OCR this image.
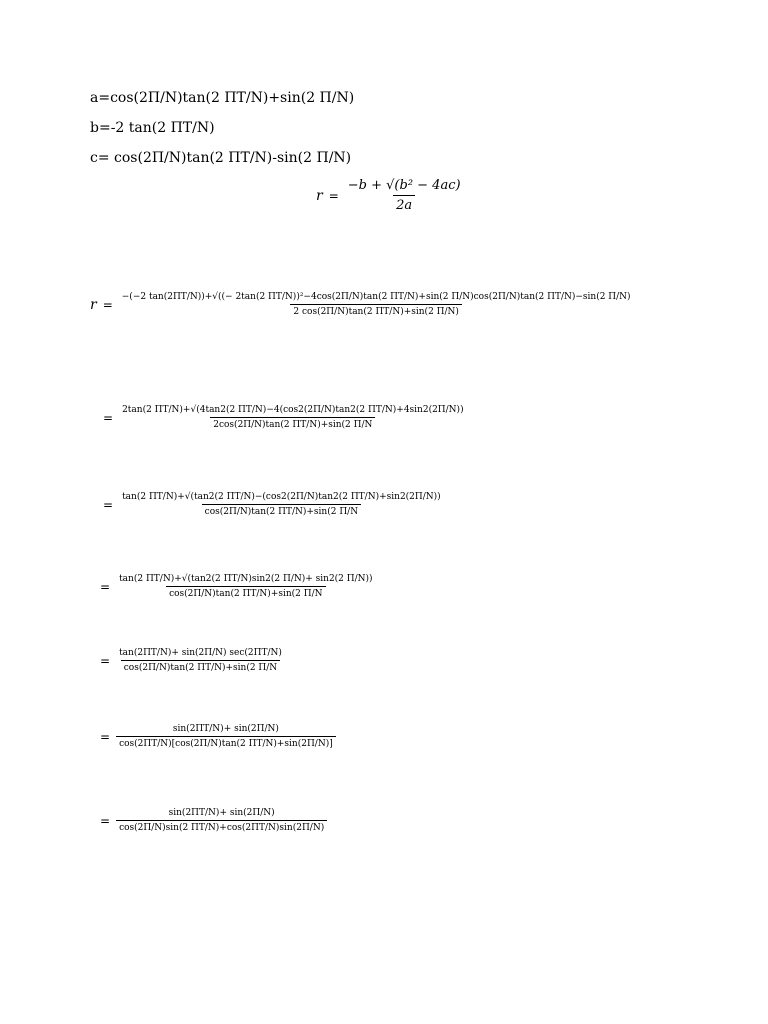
a=cos(2Π/N)tan(2 ΠT/N)+sin(2 Π/N)
b=-2 tan(2 ΠT/N)
c= cos(2Π/N)tan(2 ΠT/N)-sin(2 Π/N)
$r = \frac{\text{−b + √(b² − 4ac)}}{2a}$
r =
−(−2 tan(2ΠT/N))+√((− 2tan(2 ΠT/N))²−4cos(2Π/N)tan(2 ΠT/N)+sin(2 Π/N)cos(2Π/N)tan(2 ΠT/N)−sin(2 Π/N)
2 cos(2Π/N)tan(2 ΠT/N)+sin(2 Π/N)
=
2tan(2 ΠT/N)+√(4tan2(2 ΠT/N)−4(cos2(2Π/N)tan2(2 ΠT/N)+4sin2(2Π/N))
2cos(2Π/N)tan(2 ΠT/N)+sin(2 Π/N
=
tan(2 ΠT/N)+√(tan2(2 ΠT/N)−(cos2(2Π/N)tan2(2 ΠT/N)+sin2(2Π/N))
cos(2Π/N)tan(2 ΠT/N)+sin(2 Π/N
= $\frac{\tan(2 \Pi T/N)+√(\tan 2(2 \Pi T/N)\sin 2(2 \Pi/N)+ \sin 2(2 \Pi/N))}{\cos(2\Pi/N)\tan(2 \Pi T/N)+\sin(2 \Pi/N}$
= $\frac{\tan(2\Pi T/N)+ \sin(2\Pi/N) \sec(2\Pi T/N)}{\cos(2\Pi/N)\tan(2 \Pi T/N)+\sin(2 \Pi/N}$
= $\frac{\sin(2\Pi T/N)+ \sin(2\Pi/N)}{\cos(2\Pi T/N)[\cos(2\Pi/N)\tan(2 \Pi T/N)+\sin(2\Pi/N)]}$
= $\frac{\sin(2\Pi T/N)+ \sin(2\Pi/N)}{\cos(2\Pi/N)\sin(2 \Pi T/N)+\cos(2\Pi T/N)\sin(2\Pi/N)}$
